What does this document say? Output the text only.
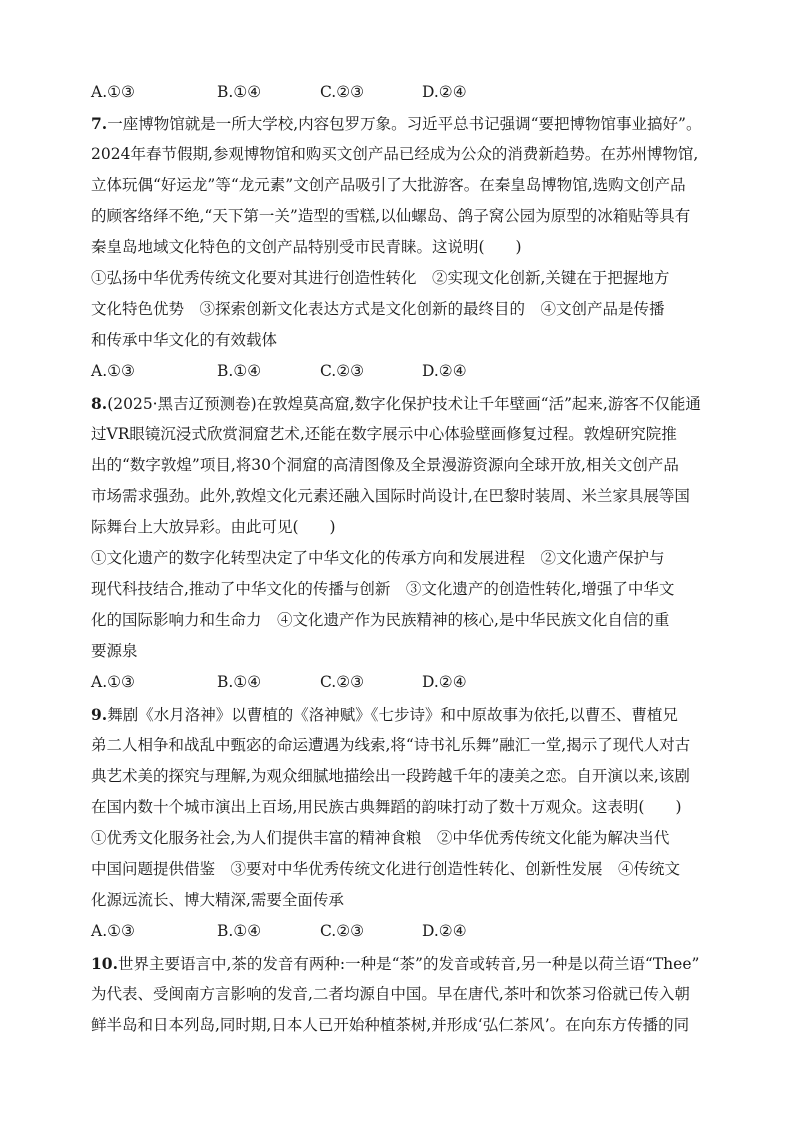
A.①③	B.①④	C.②③	D.②④
7.一座博物馆就是一所大学校,内容包罗万象。习近平总书记强调“要把博物馆事业搞好”。
2024年春节假期,参观博物馆和购买文创产品已经成为公众的消费新趋势。在苏州博物馆,
立体玩偶“好运龙”等“龙元素”文创产品吸引了大批游客。在秦皇岛博物馆,选购文创产品
的顾客络绎不绝,“天下第一关”造型的雪糕,以仙螺岛、鸽子窝公园为原型的冰箱贴等具有
秦皇岛地域文化特色的文创产品特别受市民青睐。这说明(　　)
①弘扬中华优秀传统文化要对其进行创造性转化　②实现文化创新,关键在于把握地方
文化特色优势　③探索创新文化表达方式是文化创新的最终目的　④文创产品是传播
和传承中华文化的有效载体
A.①③	B.①④	C.②③	D.②④
8.(2025·黑吉辽预测卷)在敦煌莫高窟,数字化保护技术让千年壁画“活”起来,游客不仅能通
过VR眼镜沉浸式欣赏洞窟艺术,还能在数字展示中心体验壁画修复过程。敦煌研究院推
出的“数字敦煌”项目,将30个洞窟的高清图像及全景漫游资源向全球开放,相关文创产品
市场需求强劲。此外,敦煌文化元素还融入国际时尚设计,在巴黎时装周、米兰家具展等国
际舞台上大放异彩。由此可见(　　)
①文化遗产的数字化转型决定了中华文化的传承方向和发展进程　②文化遗产保护与
现代科技结合,推动了中华文化的传播与创新　③文化遗产的创造性转化,增强了中华文
化的国际影响力和生命力　④文化遗产作为民族精神的核心,是中华民族文化自信的重
要源泉
A.①③	B.①④	C.②③	D.②④
9.舞剧《水月洛神》以曹植的《洛神赋》《七步诗》和中原故事为依托,以曹丕、曹植兄
弟二人相争和战乱中甄宓的命运遭遇为线索,将“诗书礼乐舞”融汇一堂,揭示了现代人对古
典艺术美的探究与理解,为观众细腻地描绘出一段跨越千年的凄美之恋。自开演以来,该剧
在国内数十个城市演出上百场,用民族古典舞蹈的韵味打动了数十万观众。这表明(　　)
①优秀文化服务社会,为人们提供丰富的精神食粮　②中华优秀传统文化能为解决当代
中国问题提供借鉴　③要对中华优秀传统文化进行创造性转化、创新性发展　④传统文
化源远流长、博大精深,需要全面传承
A.①③	B.①④	C.②③	D.②④
10.世界主要语言中,茶的发音有两种:一种是“茶”的发音或转音,另一种是以荷兰语“Thee”
为代表、受闽南方言影响的发音,二者均源自中国。早在唐代,茶叶和饮茶习俗就已传入朝
鲜半岛和日本列岛,同时期,日本人已开始种植茶树,并形成‘弘仁茶风’。在向东方传播的同
